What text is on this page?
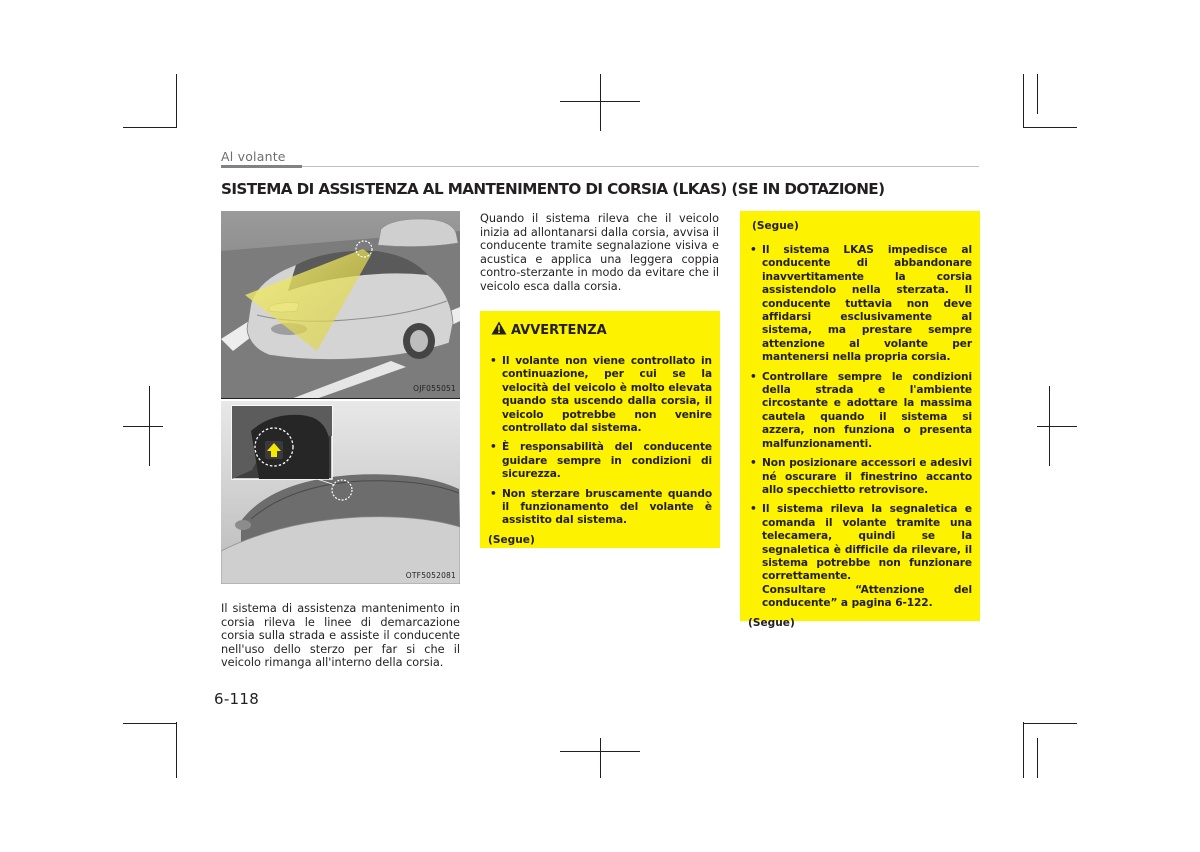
Al volante
SISTEMA DI ASSISTENZA AL MANTENIMENTO DI CORSIA (LKAS) (SE IN DOTAZIONE)
OJF055051
OTF5052081
Il sistema di assistenza mantenimento in corsia rileva le linee di demarcazione corsia sulla strada e assiste il conducente nell'uso dello sterzo per far si che il veicolo rimanga all'interno della corsia.
Quando il sistema rileva che il veicolo inizia ad allontanarsi dalla corsia, avvisa il conducente tramite segnalazione visiva e acustica e applica una leggera coppia contro-sterzante in modo da evitare che il veicolo esca dalla corsia.
AVVERTENZA
• Il volante non viene controllato in continuazione, per cui se la velocità del veicolo è molto elevata quando sta uscendo dalla corsia, il veicolo potrebbe non venire controllato dal sistema.
• È responsabilità del conducente guidare sempre in condizioni di sicurezza.
• Non sterzare bruscamente quando il funzionamento del volante è assistito dal sistema.
(Segue)
(Segue)
• Il sistema LKAS impedisce al conducente di abbandonare inavvertitamente la corsia assistendolo nella sterzata. Il conducente tuttavia non deve affidarsi esclusivamente al sistema, ma prestare sempre attenzione al volante per mantenersi nella propria corsia.
• Controllare sempre le condizioni della strada e l'ambiente circostante e adottare la massima cautela quando il sistema si azzera, non funziona o presenta malfunzionamenti.
• Non posizionare accessori e adesivi né oscurare il finestrino accanto allo specchietto retrovisore.
• Il sistema rileva la segnaletica e comanda il volante tramite una telecamera, quindi se la segnaletica è difficile da rilevare, il sistema potrebbe non funzionare correttamente.
Consultare “Attenzione del conducente” a pagina 6-122.
(Segue)
6-118
